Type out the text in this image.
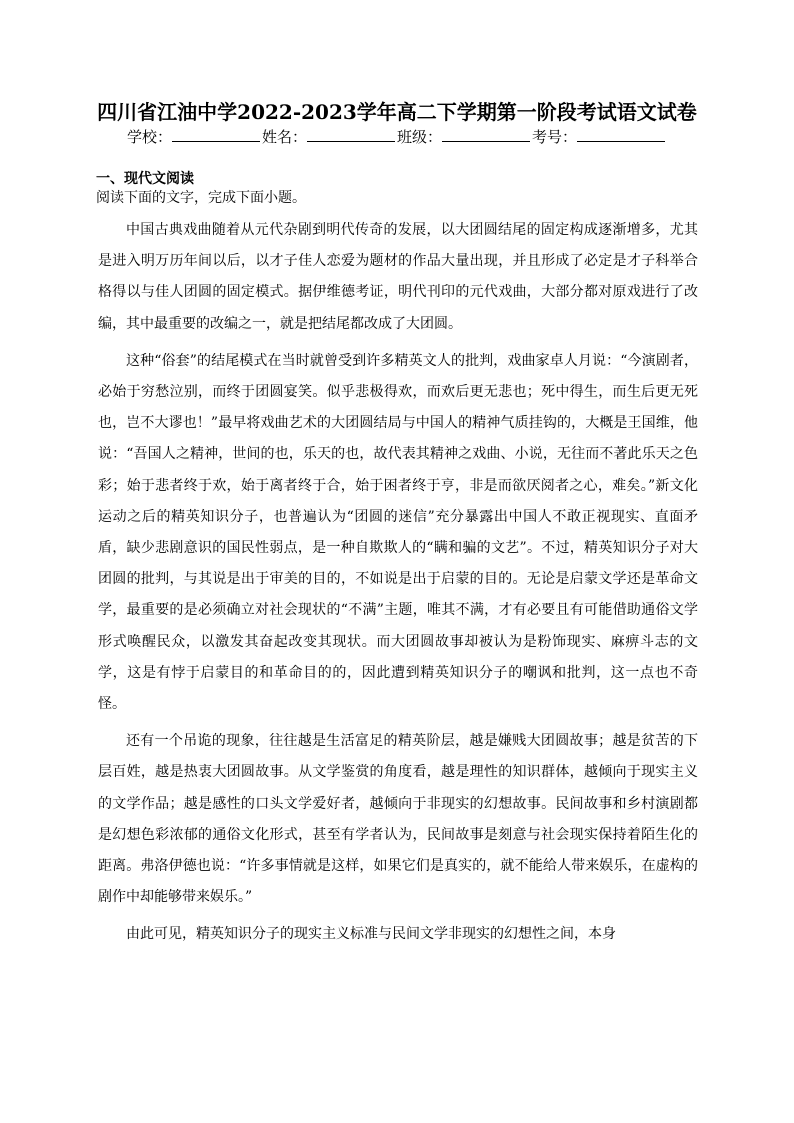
四川省江油中学2022-2023学年高二下学期第一阶段考试语文试卷
学校：	姓名：	班级：	考号：
一、现代文阅读
阅读下面的文字，完成下面小题。

中国古典戏曲随着从元代杂剧到明代传奇的发展，以大团圆结尾的固定构成逐渐增多，尤其是进入明万历年间以后，以才子佳人恋爱为题材的作品大量出现，并且形成了必定是才子科举合格得以与佳人团圆的固定模式。据伊维德考证，明代刊印的元代戏曲，大部分都对原戏进行了改编，其中最重要的改编之一，就是把结尾都改成了大团圆。

这种“俗套”的结尾模式在当时就曾受到许多精英文人的批判，戏曲家卓人月说：“今演剧者，必始于穷愁泣别，而终于团圆宴笑。似乎悲极得欢，而欢后更无悲也；死中得生，而生后更无死也，岂不大谬也！”最早将戏曲艺术的大团圆结局与中国人的精神气质挂钩的，大概是王国维，他说：“吾国人之精神，世间的也，乐天的也，故代表其精神之戏曲、小说，无往而不著此乐天之色彩；始于悲者终于欢，始于离者终于合，始于困者终于亨，非是而欲厌阅者之心，难矣。”新文化运动之后的精英知识分子，也普遍认为“团圆的迷信”充分暴露出中国人不敢正视现实、直面矛盾，缺少悲剧意识的国民性弱点，是一种自欺欺人的“瞒和骗的文艺”。不过，精英知识分子对大团圆的批判，与其说是出于审美的目的，不如说是出于启蒙的目的。无论是启蒙文学还是革命文学，最重要的是必须确立对社会现状的“不满”主题，唯其不满，才有必要且有可能借助通俗文学形式唤醒民众，以激发其奋起改变其现状。而大团圆故事却被认为是粉饰现实、麻痹斗志的文学，这是有悖于启蒙目的和革命目的的，因此遭到精英知识分子的嘲讽和批判，这一点也不奇怪。

还有一个吊诡的现象，往往越是生活富足的精英阶层，越是嫌贱大团圆故事；越是贫苦的下层百姓，越是热衷大团圆故事。从文学鉴赏的角度看，越是理性的知识群体，越倾向于现实主义的文学作品；越是感性的口头文学爱好者，越倾向于非现实的幻想故事。民间故事和乡村演剧都是幻想色彩浓郁的通俗文化形式，甚至有学者认为，民间故事是刻意与社会现实保持着陌生化的距离。弗洛伊德也说：“许多事情就是这样，如果它们是真实的，就不能给人带来娱乐，在虚构的剧作中却能够带来娱乐。”

由此可见，精英知识分子的现实主义标准与民间文学非现实的幻想性之间，本身
